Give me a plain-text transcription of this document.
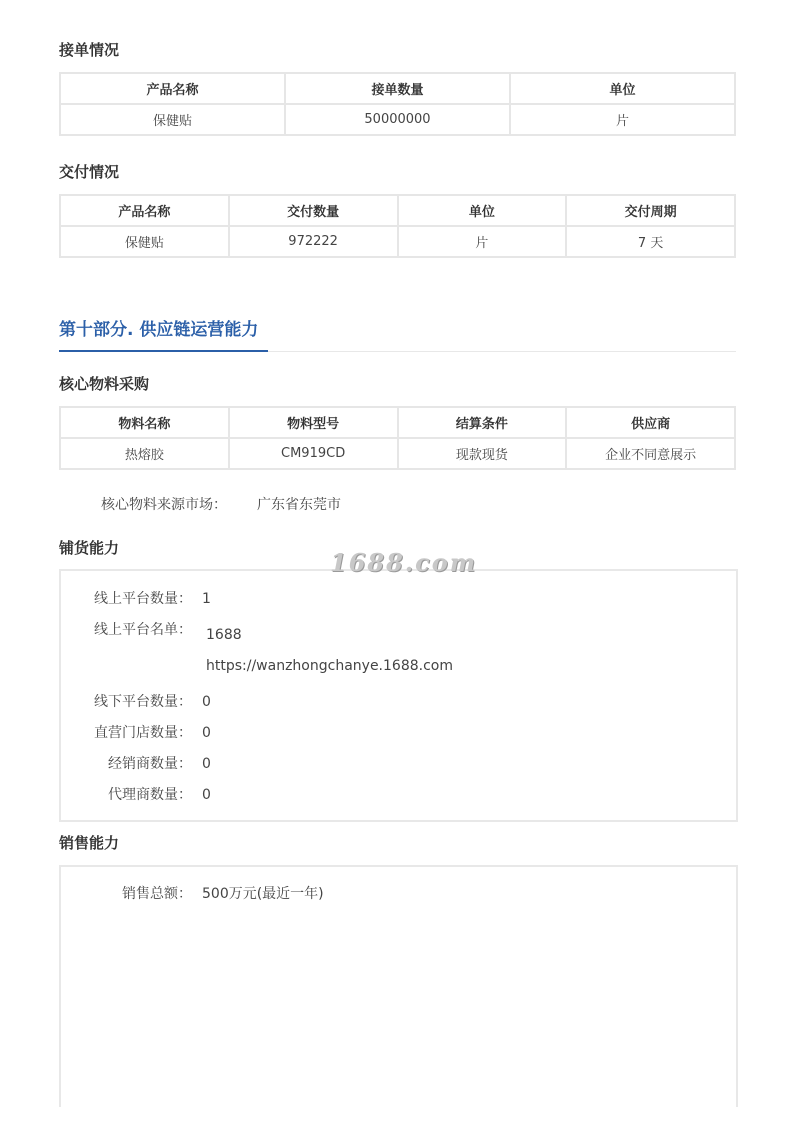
接单情况
产品名称	接单数量	单位
保健贴	50000000	片
交付情况
产品名称	交付数量	单位	交付周期
保健贴	972222	片	7 天
第十部分. 供应链运营能力
核心物料采购
物料名称	物料型号	结算条件	供应商
热熔胶	CM919CD	现款现货	企业不同意展示
核心物料来源市场： 广东省东莞市
铺货能力
线上平台数量： 1
线上平台名单： 1688
https://wanzhongchanye.1688.com
线下平台数量： 0
直营门店数量： 0
经销商数量： 0
代理商数量： 0
销售能力
销售总额： 500万元(最近一年)
1688.com
